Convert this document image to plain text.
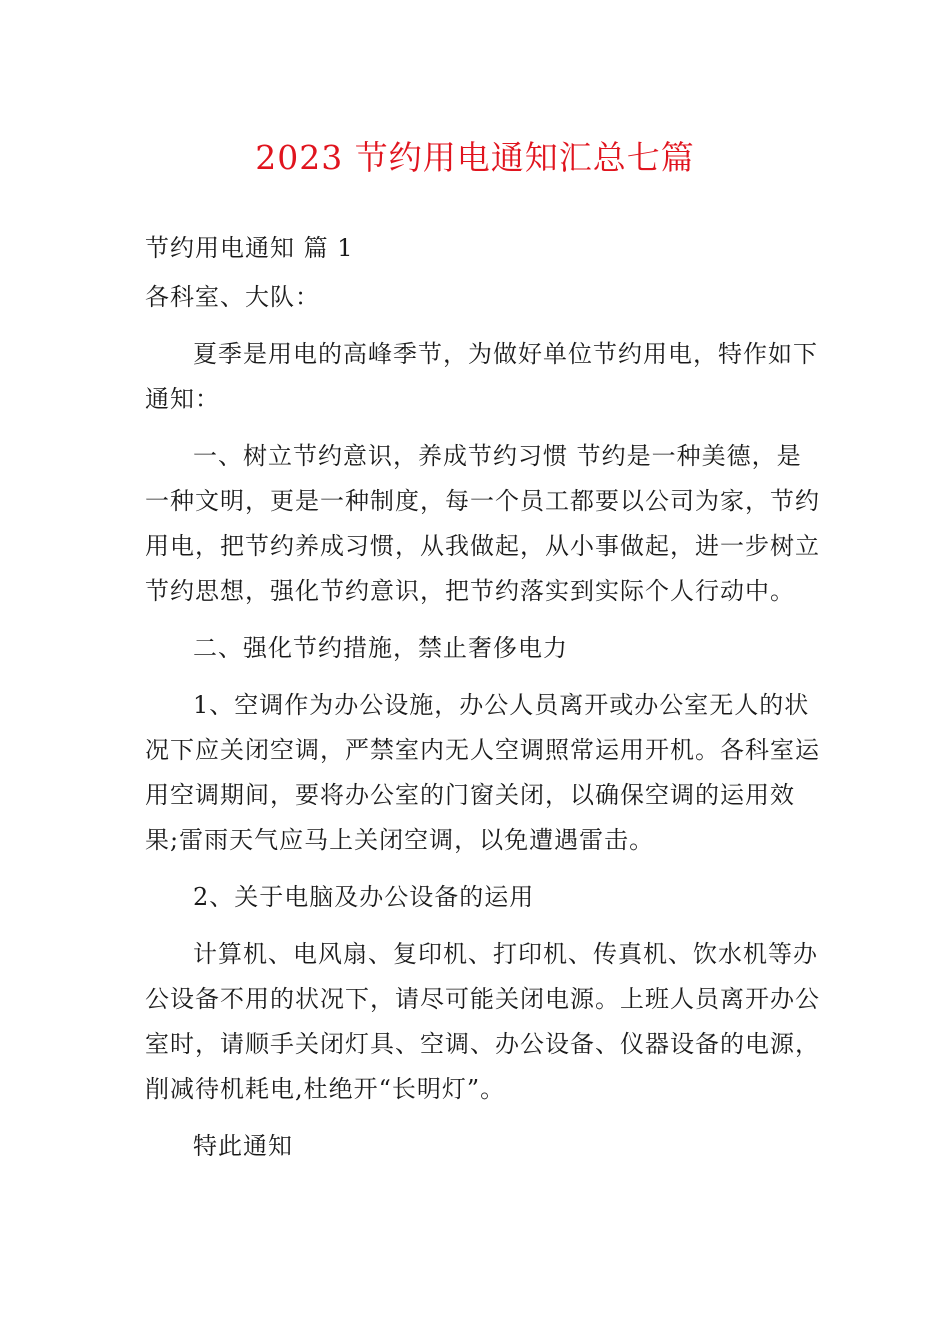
2023 节约用电通知汇总七篇

节约用电通知 篇 1

各科室、大队：

夏季是用电的高峰季节，为做好单位节约用电，特作如下通知：

一、树立节约意识，养成节约习惯 节约是一种美德，是一种文明，更是一种制度，每一个员工都要以公司为家，节约用电，把节约养成习惯，从我做起，从小事做起，进一步树立节约思想，强化节约意识，把节约落实到实际个人行动中。

二、强化节约措施，禁止奢侈电力

1、空调作为办公设施，办公人员离开或办公室无人的状况下应关闭空调，严禁室内无人空调照常运用开机。各科室运用空调期间，要将办公室的门窗关闭，以确保空调的运用效果;雷雨天气应马上关闭空调，以免遭遇雷击。

2、关于电脑及办公设备的运用

计算机、电风扇、复印机、打印机、传真机、饮水机等办公设备不用的状况下，请尽可能关闭电源。上班人员离开办公室时，请顺手关闭灯具、空调、办公设备、仪器设备的电源，削减待机耗电,杜绝开“长明灯”。

特此通知
